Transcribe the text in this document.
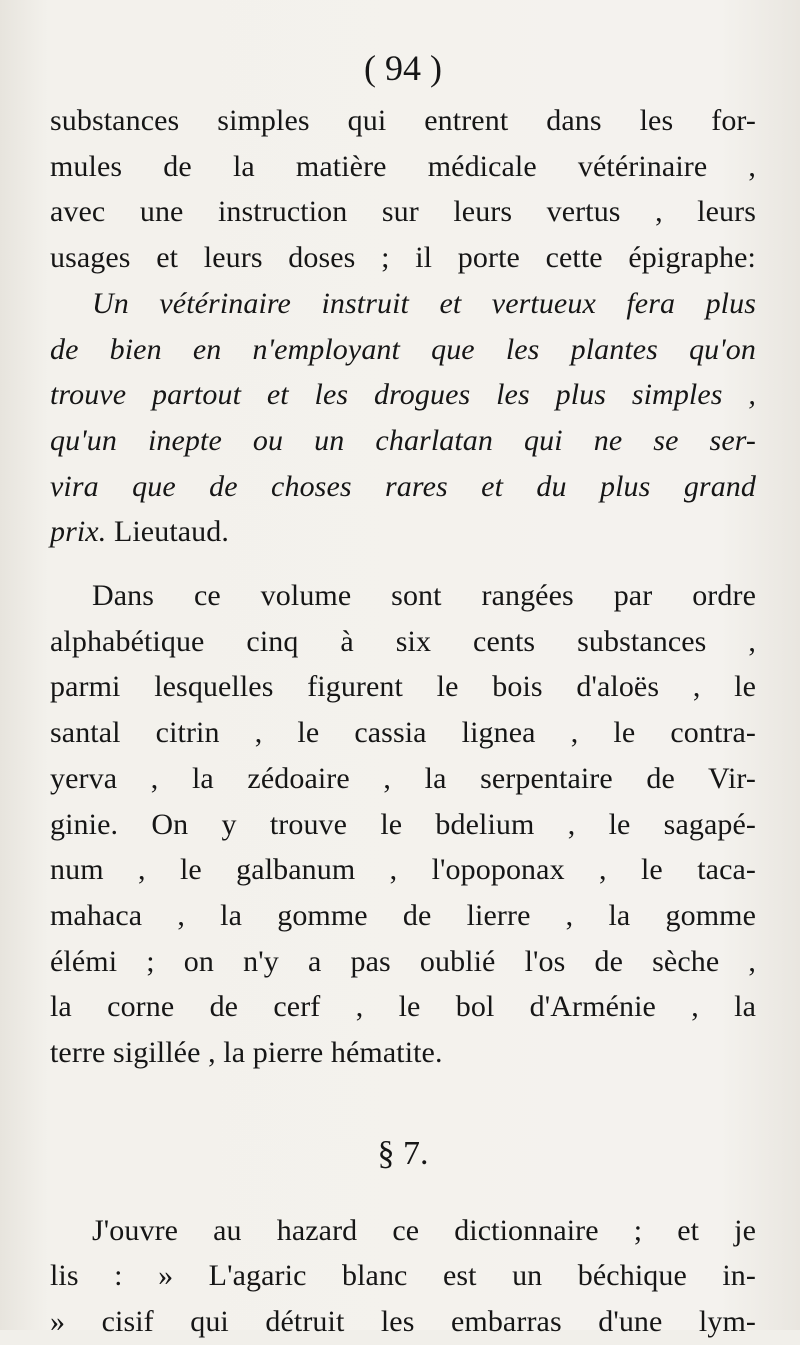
( 94 )
substances simples qui entrent dans les for-
mules de la matière médicale vétérinaire ,
avec une instruction sur leurs vertus , leurs
usages et leurs doses ; il porte cette épigraphe:
Un vétérinaire instruit et vertueux fera plus
de bien en n'employant que les plantes qu'on
trouve partout et les drogues les plus simples ,
qu'un inepte ou un charlatan qui ne se ser-
vira que de choses rares et du plus grand
prix. Lieutaud.
Dans ce volume sont rangées par ordre
alphabétique cinq à six cents substances ,
parmi lesquelles figurent le bois d'aloës , le
santal citrin , le cassia lignea , le contra-
yerva , la zédoaire , la serpentaire de Vir-
ginie. On y trouve le bdelium , le sagapé-
num , le galbanum , l'opoponax , le taca-
mahaca , la gomme de lierre , la gomme
élémi ; on n'y a pas oublié l'os de sèche ,
la corne de cerf , le bol d'Arménie , la
terre sigillée , la pierre hématite.
§ 7.
J'ouvre au hazard ce dictionnaire ; et je
lis : » L'agaric blanc est un béchique in-
» cisif qui détruit les embarras d'une lym-
